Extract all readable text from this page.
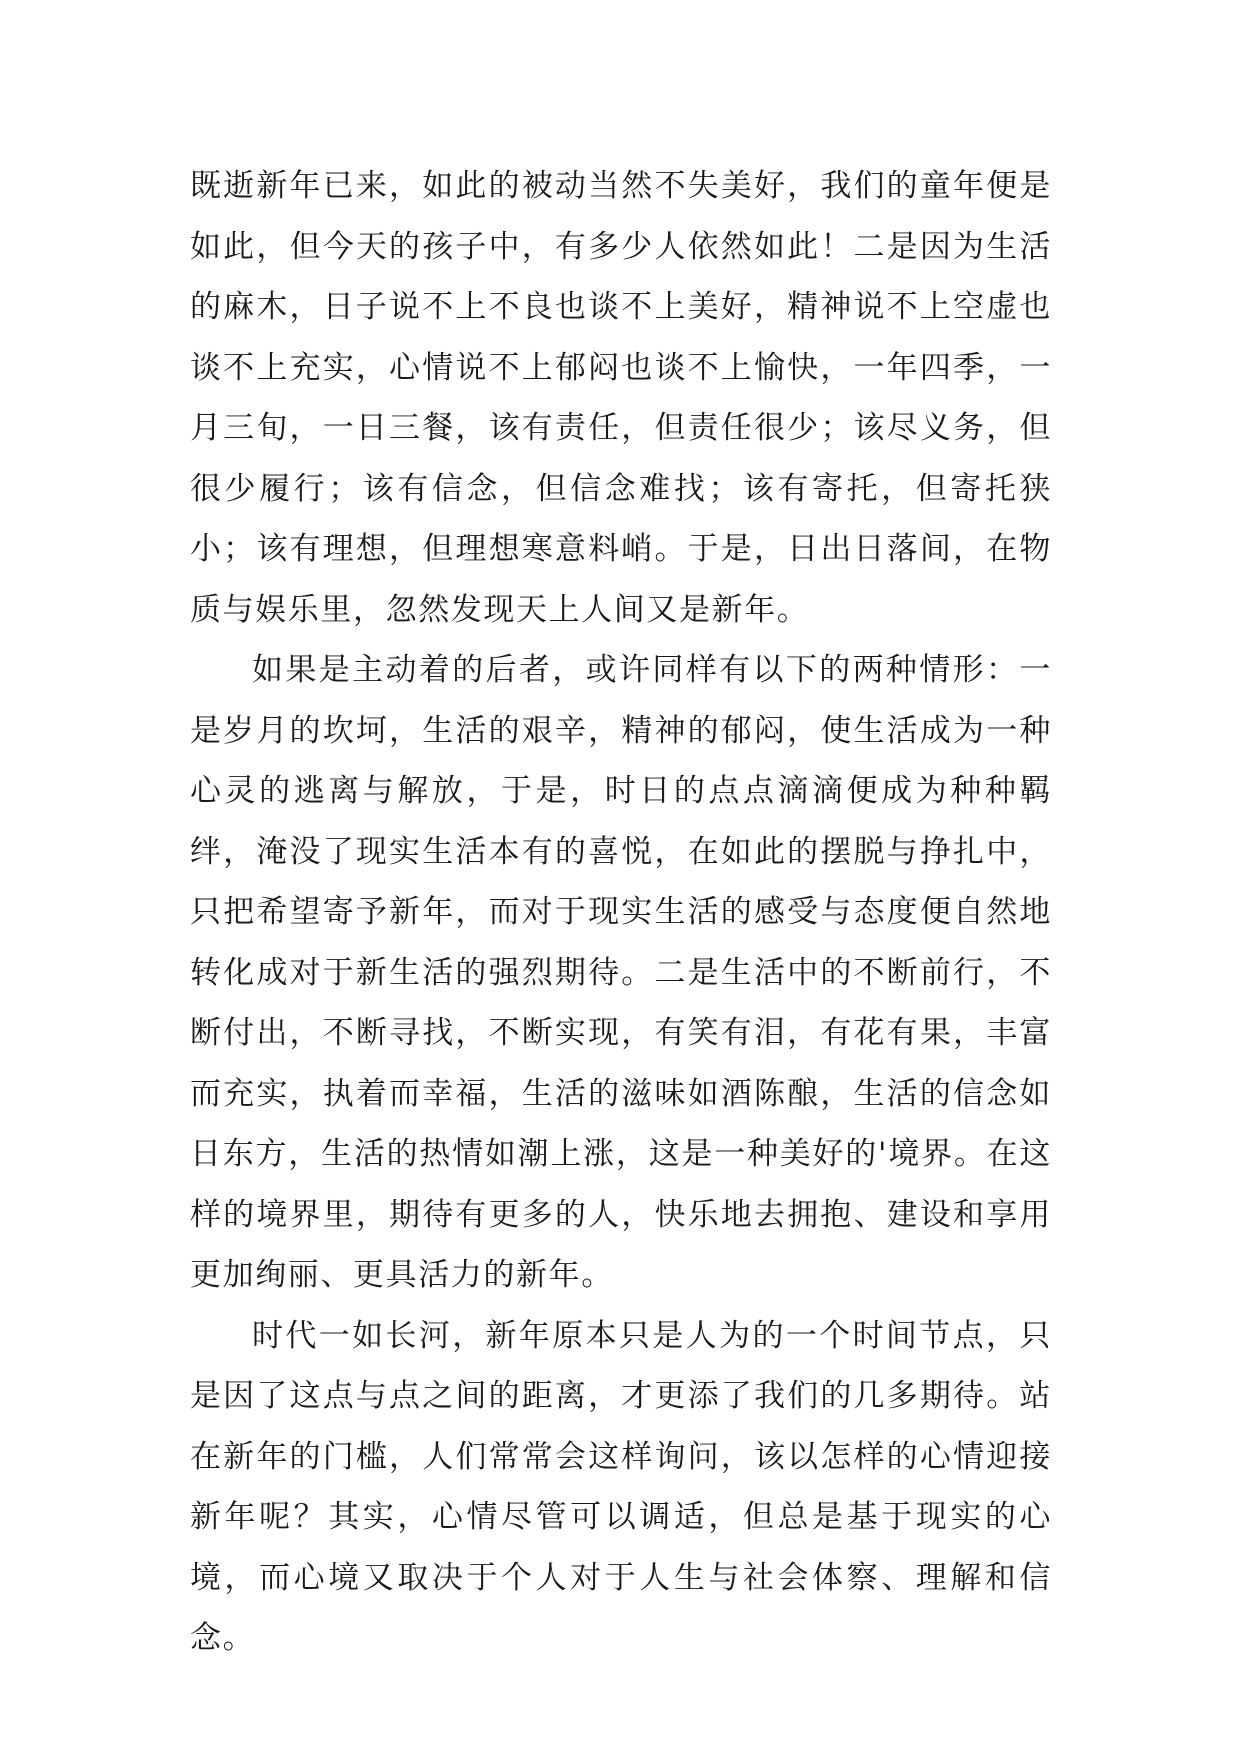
既逝新年已来，如此的被动当然不失美好，我们的童年便是如此，但今天的孩子中，有多少人依然如此！二是因为生活的麻木，日子说不上不良也谈不上美好，精神说不上空虚也谈不上充实，心情说不上郁闷也谈不上愉快，一年四季，一月三旬，一日三餐，该有责任，但责任很少；该尽义务，但很少履行；该有信念，但信念难找；该有寄托，但寄托狭小；该有理想，但理想寒意料峭。于是，日出日落间，在物质与娱乐里，忽然发现天上人间又是新年。

如果是主动着的后者，或许同样有以下的两种情形：一是岁月的坎坷，生活的艰辛，精神的郁闷，使生活成为一种心灵的逃离与解放，于是，时日的点点滴滴便成为种种羁绊，淹没了现实生活本有的喜悦，在如此的摆脱与挣扎中，只把希望寄予新年，而对于现实生活的感受与态度便自然地转化成对于新生活的强烈期待。二是生活中的不断前行，不断付出，不断寻找，不断实现，有笑有泪，有花有果，丰富而充实，执着而幸福，生活的滋味如酒陈酿，生活的信念如日东方，生活的热情如潮上涨，这是一种美好的'境界。在这样的境界里，期待有更多的人，快乐地去拥抱、建设和享用更加绚丽、更具活力的新年。

时代一如长河，新年原本只是人为的一个时间节点，只是因了这点与点之间的距离，才更添了我们的几多期待。站在新年的门槛，人们常常会这样询问，该以怎样的心情迎接新年呢？其实，心情尽管可以调适，但总是基于现实的心境，而心境又取决于个人对于人生与社会体察、理解和信念。
